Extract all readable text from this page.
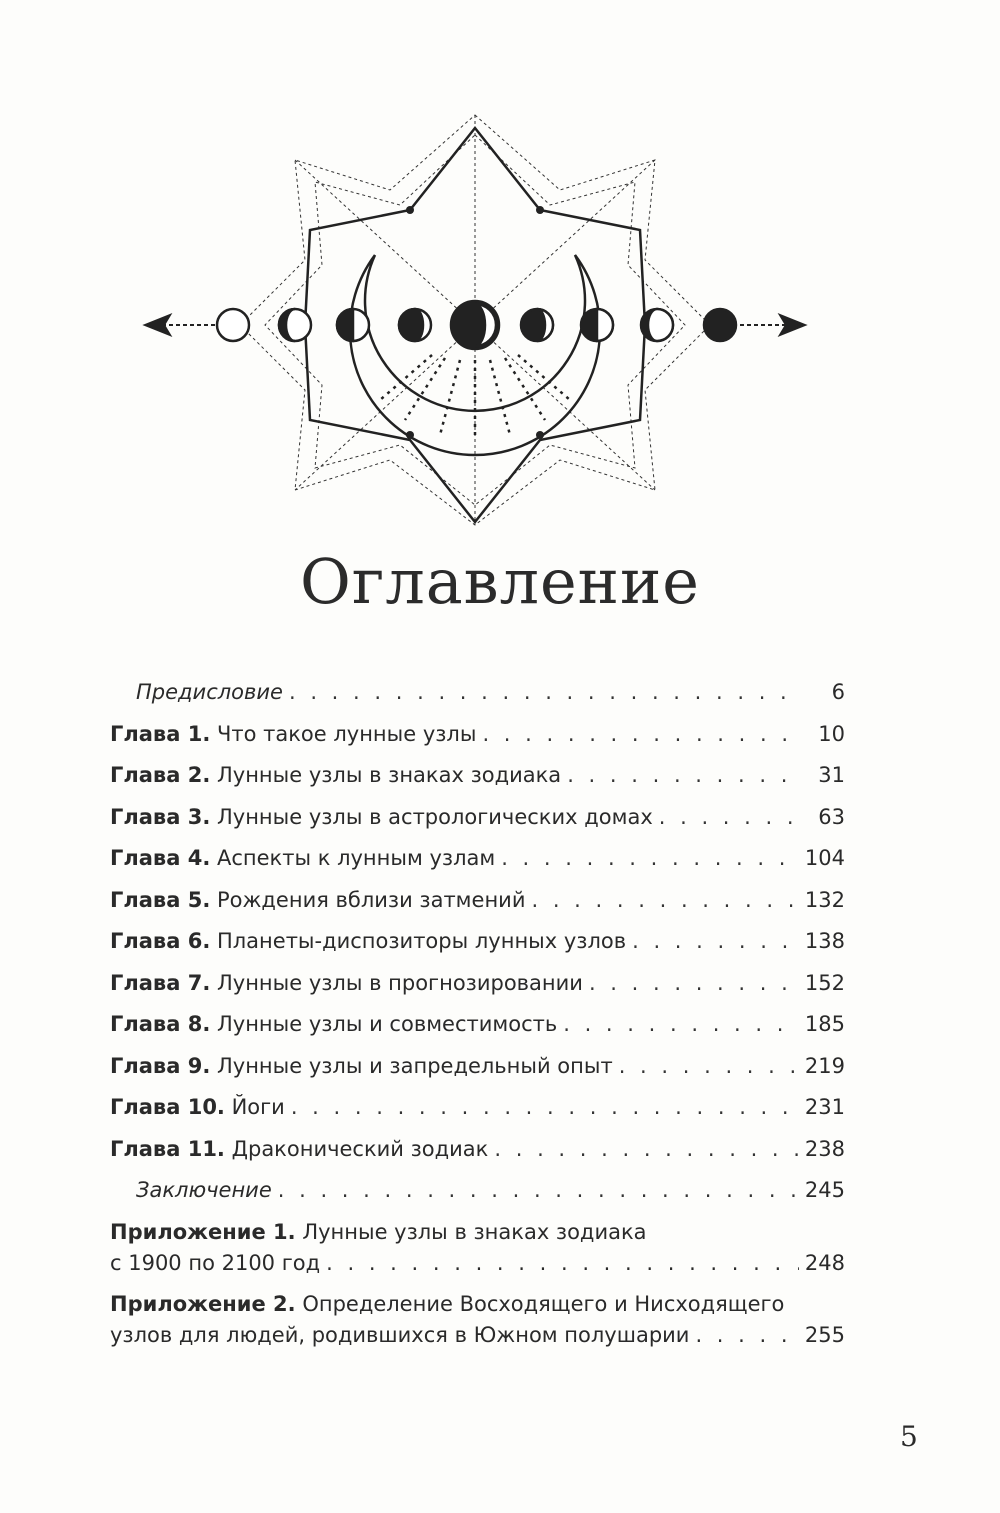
Оглавление
Предисловие . . .	6
Глава 1. Что такое лунные узлы . . .	10
Глава 2. Лунные узлы в знаках зодиака . . .	31
Глава 3. Лунные узлы в астрологических домах . . .	63
Глава 4. Аспекты к лунным узлам . . .	104
Глава 5. Рождения вблизи затмений . . .	132
Глава 6. Планеты-диспозиторы лунных узлов . . .	138
Глава 7. Лунные узлы в прогнозировании . . .	152
Глава 8. Лунные узлы и совместимость . . .	185
Глава 9. Лунные узлы и запредельный опыт . . .	219
Глава 10. Йоги . . .	231
Глава 11. Драконический зодиак . . .	238
Заключение . . .	245
Приложение 1. Лунные узлы в знаках зодиака
с 1900 по 2100 год . . .	248
Приложение 2. Определение Восходящего и Нисходящего
узлов для людей, родившихся в Южном полушарии . . .	255
5
